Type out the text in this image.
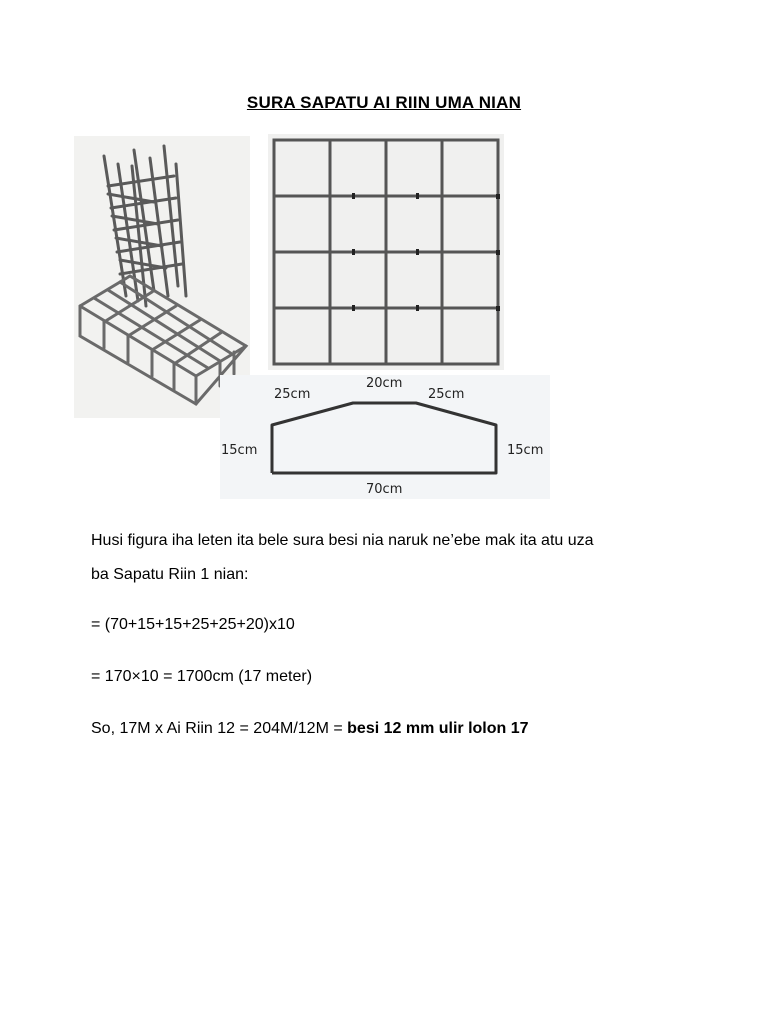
SURA SAPATU AI RIIN UMA NIAN
25cm
20cm
25cm
15cm	15cm
70cm
Husi figura iha leten ita bele sura besi nia naruk ne’ebe mak ita atu uza
ba Sapatu Riin 1 nian:
= (70+15+15+25+25+20)x10
= 170×10 = 1700cm (17 meter)
So, 17M x Ai Riin 12 = 204M/12M = besi 12 mm ulir lolon 17
